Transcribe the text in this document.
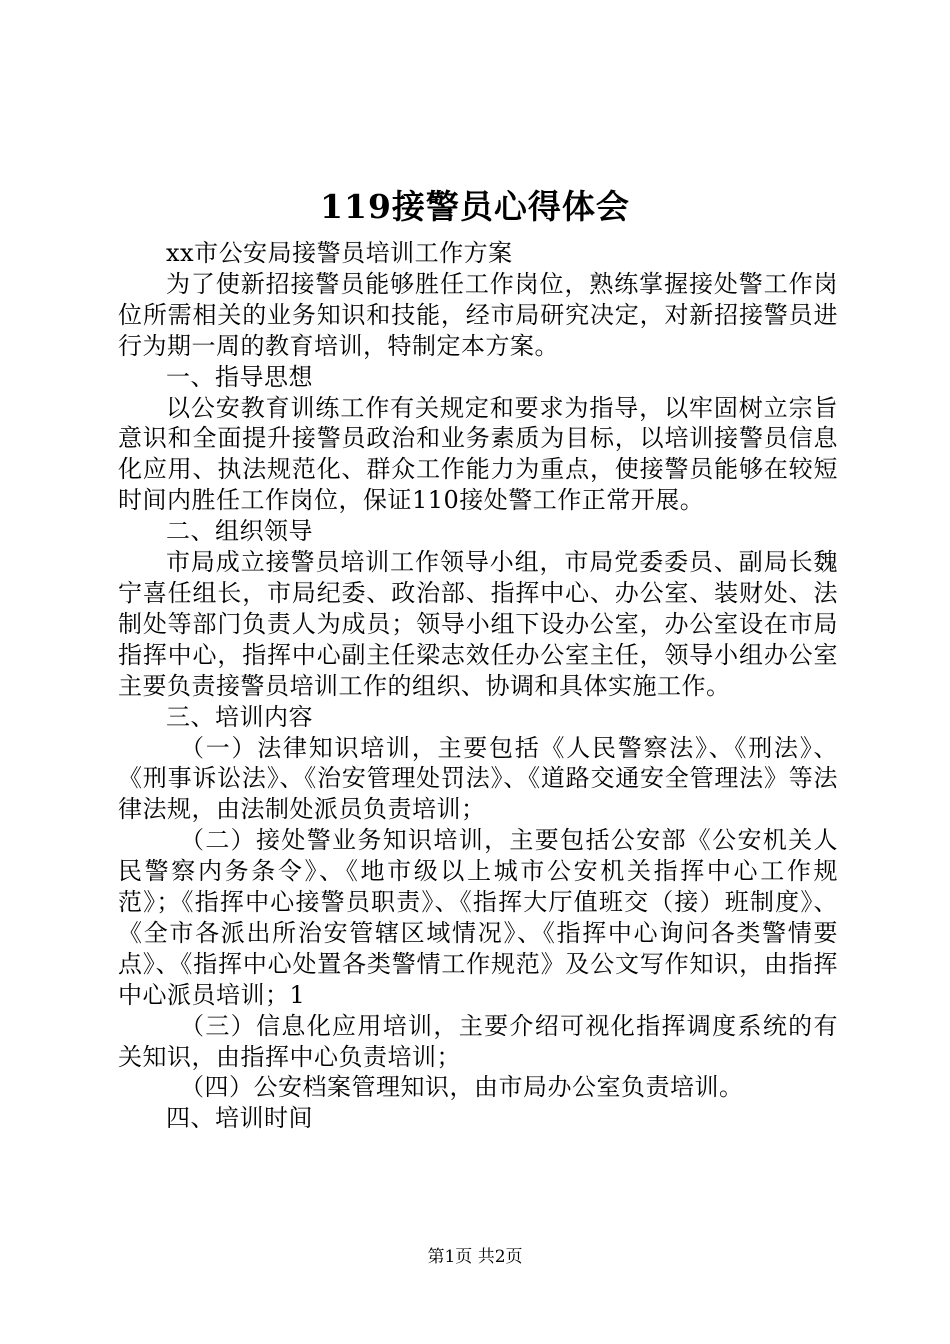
119接警员心得体会

xx市公安局接警员培训工作方案

为了使新招接警员能够胜任工作岗位，熟练掌握接处警工作岗位所需相关的业务知识和技能，经市局研究决定，对新招接警员进行为期一周的教育培训，特制定本方案。

一、指导思想

以公安教育训练工作有关规定和要求为指导，以牢固树立宗旨意识和全面提升接警员政治和业务素质为目标，以培训接警员信息化应用、执法规范化、群众工作能力为重点，使接警员能够在较短时间内胜任工作岗位，保证110接处警工作正常开展。

二、组织领导

市局成立接警员培训工作领导小组，市局党委委员、副局长魏宁喜任组长，市局纪委、政治部、指挥中心、办公室、装财处、法制处等部门负责人为成员；领导小组下设办公室，办公室设在市局指挥中心，指挥中心副主任梁志效任办公室主任，领导小组办公室主要负责接警员培训工作的组织、协调和具体实施工作。

三、培训内容

（一）法律知识培训，主要包括《人民警察法》、《刑法》、《刑事诉讼法》、《治安管理处罚法》、《道路交通安全管理法》等法律法规，由法制处派员负责培训；

（二）接处警业务知识培训，主要包括公安部《公安机关人民警察内务条令》、《地市级以上城市公安机关指挥中心工作规范》；《指挥中心接警员职责》、《指挥大厅值班交（接）班制度》、《全市各派出所治安管辖区域情况》、《指挥中心询问各类警情要点》、《指挥中心处置各类警情工作规范》及公文写作知识，由指挥中心派员培训；1

（三）信息化应用培训，主要介绍可视化指挥调度系统的有关知识，由指挥中心负责培训；

（四）公安档案管理知识，由市局办公室负责培训。

四、培训时间

第1页 共2页
